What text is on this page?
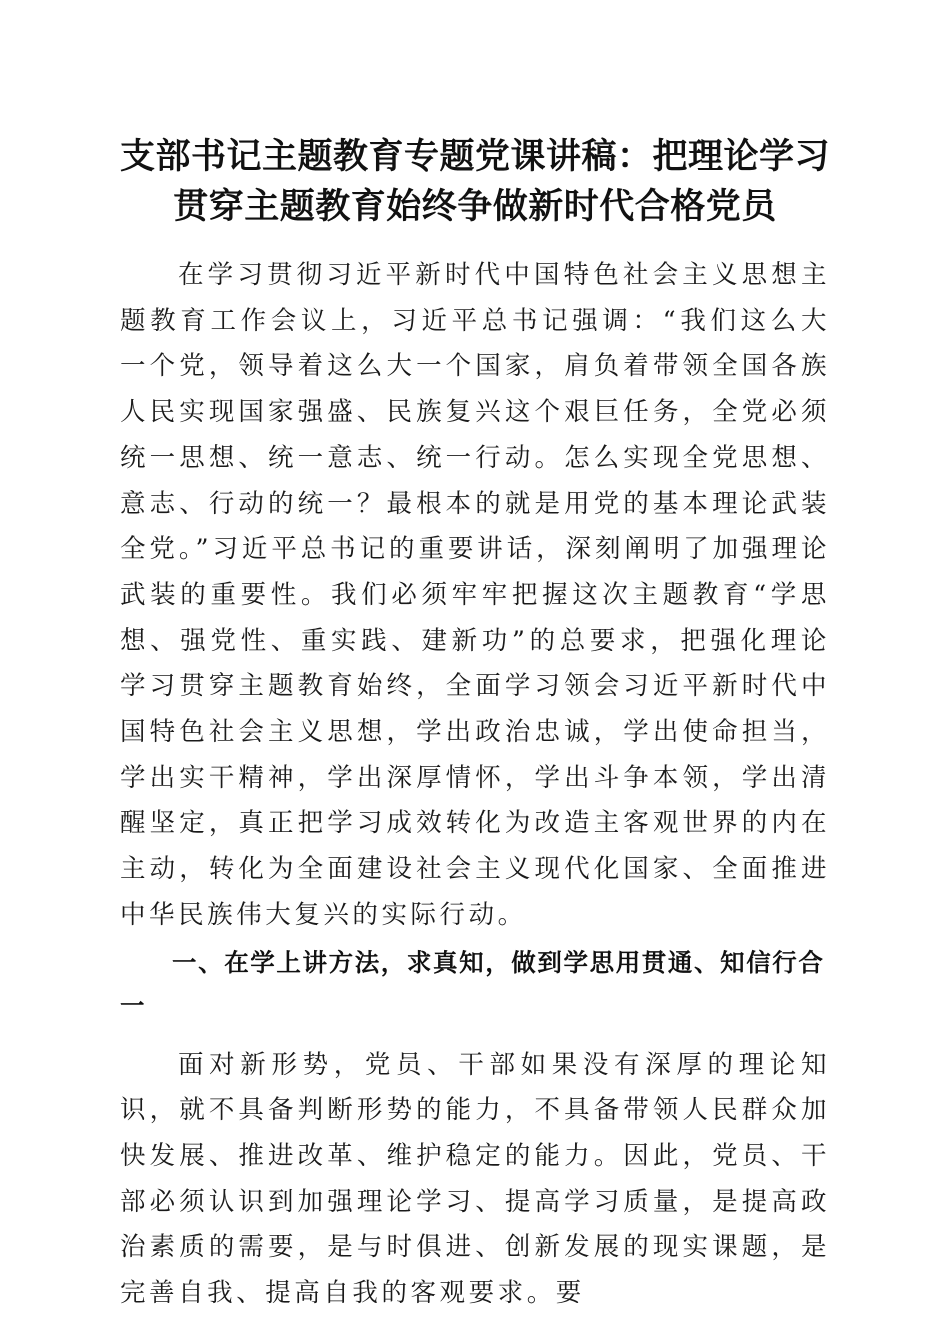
支部书记主题教育专题党课讲稿：把理论学习
贯穿主题教育始终争做新时代合格党员

在学习贯彻习近平新时代中国特色社会主义思想主题教育工作会议上，习近平总书记强调：“我们这么大一个党，领导着这么大一个国家，肩负着带领全国各族人民实现国家强盛、民族复兴这个艰巨任务，全党必须统一思想、统一意志、统一行动。怎么实现全党思想、意志、行动的统一？最根本的就是用党的基本理论武装全党。”习近平总书记的重要讲话，深刻阐明了加强理论武装的重要性。我们必须牢牢把握这次主题教育“学思想、强党性、重实践、建新功”的总要求，把强化理论学习贯穿主题教育始终，全面学习领会习近平新时代中国特色社会主义思想，学出政治忠诚，学出使命担当，学出实干精神，学出深厚情怀，学出斗争本领，学出清醒坚定，真正把学习成效转化为改造主客观世界的内在主动，转化为全面建设社会主义现代化国家、全面推进中华民族伟大复兴的实际行动。

一、在学上讲方法，求真知，做到学思用贯通、知信行合一

面对新形势，党员、干部如果没有深厚的理论知识，就不具备判断形势的能力，不具备带领人民群众加快发展、推进改革、维护稳定的能力。因此，党员、干部必须认识到加强理论学习、提高学习质量，是提高政治素质的需要，是与时俱进、创新发展的现实课题，是完善自我、提高自我的客观要求。要
